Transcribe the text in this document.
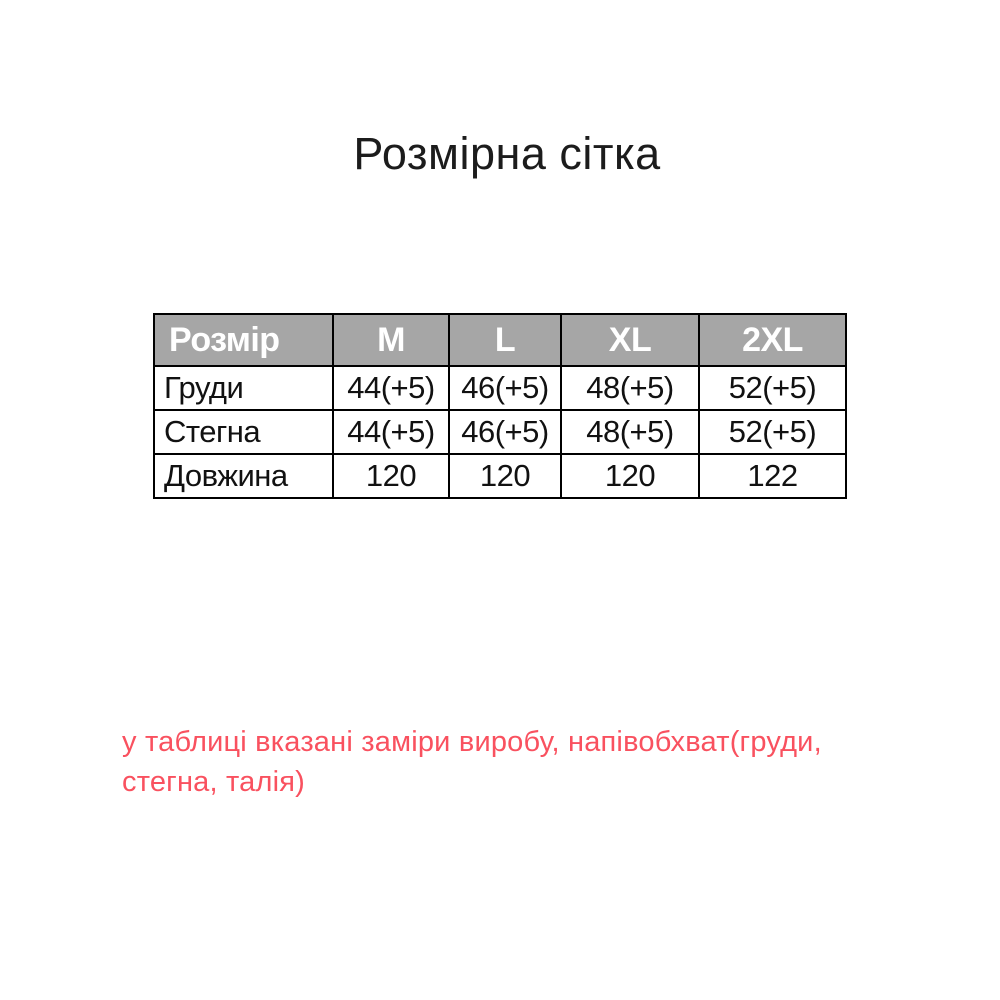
Розмірна сітка
Розмір	M	L	XL	2XL
Груди	44(+5)	46(+5)	48(+5)	52(+5)
Стегна	44(+5)	46(+5)	48(+5)	52(+5)
Довжина	120	120	120	122
у таблиці вказані заміри виробу, напівобхват(груди, стегна, талія)
